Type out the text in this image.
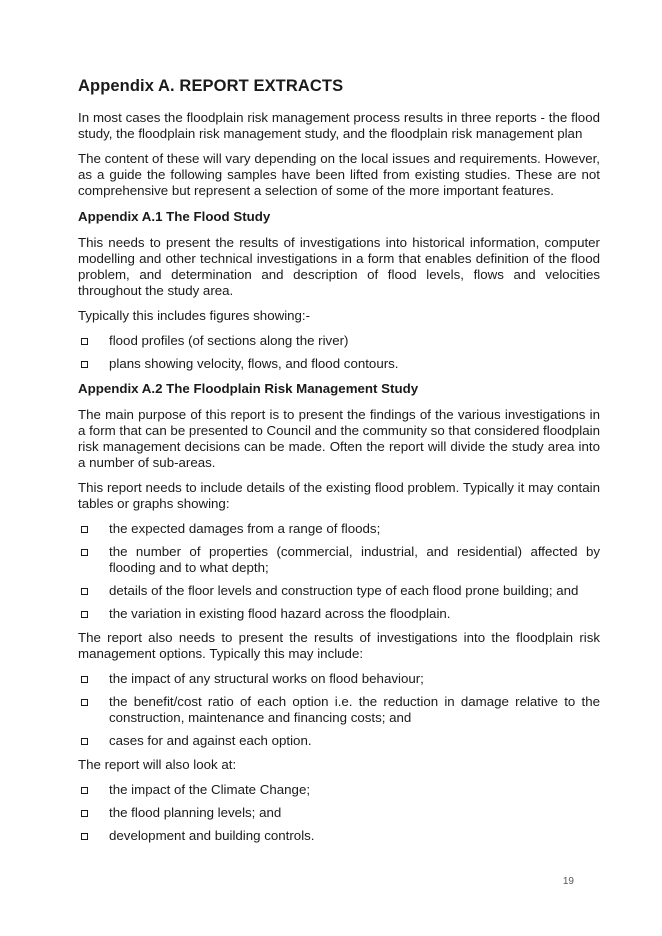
Appendix A. REPORT EXTRACTS

In most cases the floodplain risk management process results in three reports - the flood study, the floodplain risk management study, and the floodplain risk management plan

The content of these will vary depending on the local issues and requirements. However, as a guide the following samples have been lifted from existing studies. These are not comprehensive but represent a selection of some of the more important features.

Appendix A.1 The Flood Study

This needs to present the results of investigations into historical information, computer modelling and other technical investigations in a form that enables definition of the flood problem, and determination and description of flood levels, flows and velocities throughout the study area.

Typically this includes figures showing:-

flood profiles (of sections along the river)
plans showing velocity, flows, and flood contours.
Appendix A.2 The Floodplain Risk Management Study

The main purpose of this report is to present the findings of the various investigations in a form that can be presented to Council and the community so that considered floodplain risk management decisions can be made. Often the report will divide the study area into a number of sub-areas.

This report needs to include details of the existing flood problem. Typically it may contain tables or graphs showing:

the expected damages from a range of floods;
the number of properties (commercial, industrial, and residential) affected by flooding and to what depth;
details of the floor levels and construction type of each flood prone building; and
the variation in existing flood hazard across the floodplain.

The report also needs to present the results of investigations into the floodplain risk management options. Typically this may include:

the impact of any structural works on flood behaviour;
the benefit/cost ratio of each option i.e. the reduction in damage relative to the construction, maintenance and financing costs; and
cases for and against each option.

The report will also look at:

the impact of the Climate Change;
the flood planning levels; and
development and building controls.
19
